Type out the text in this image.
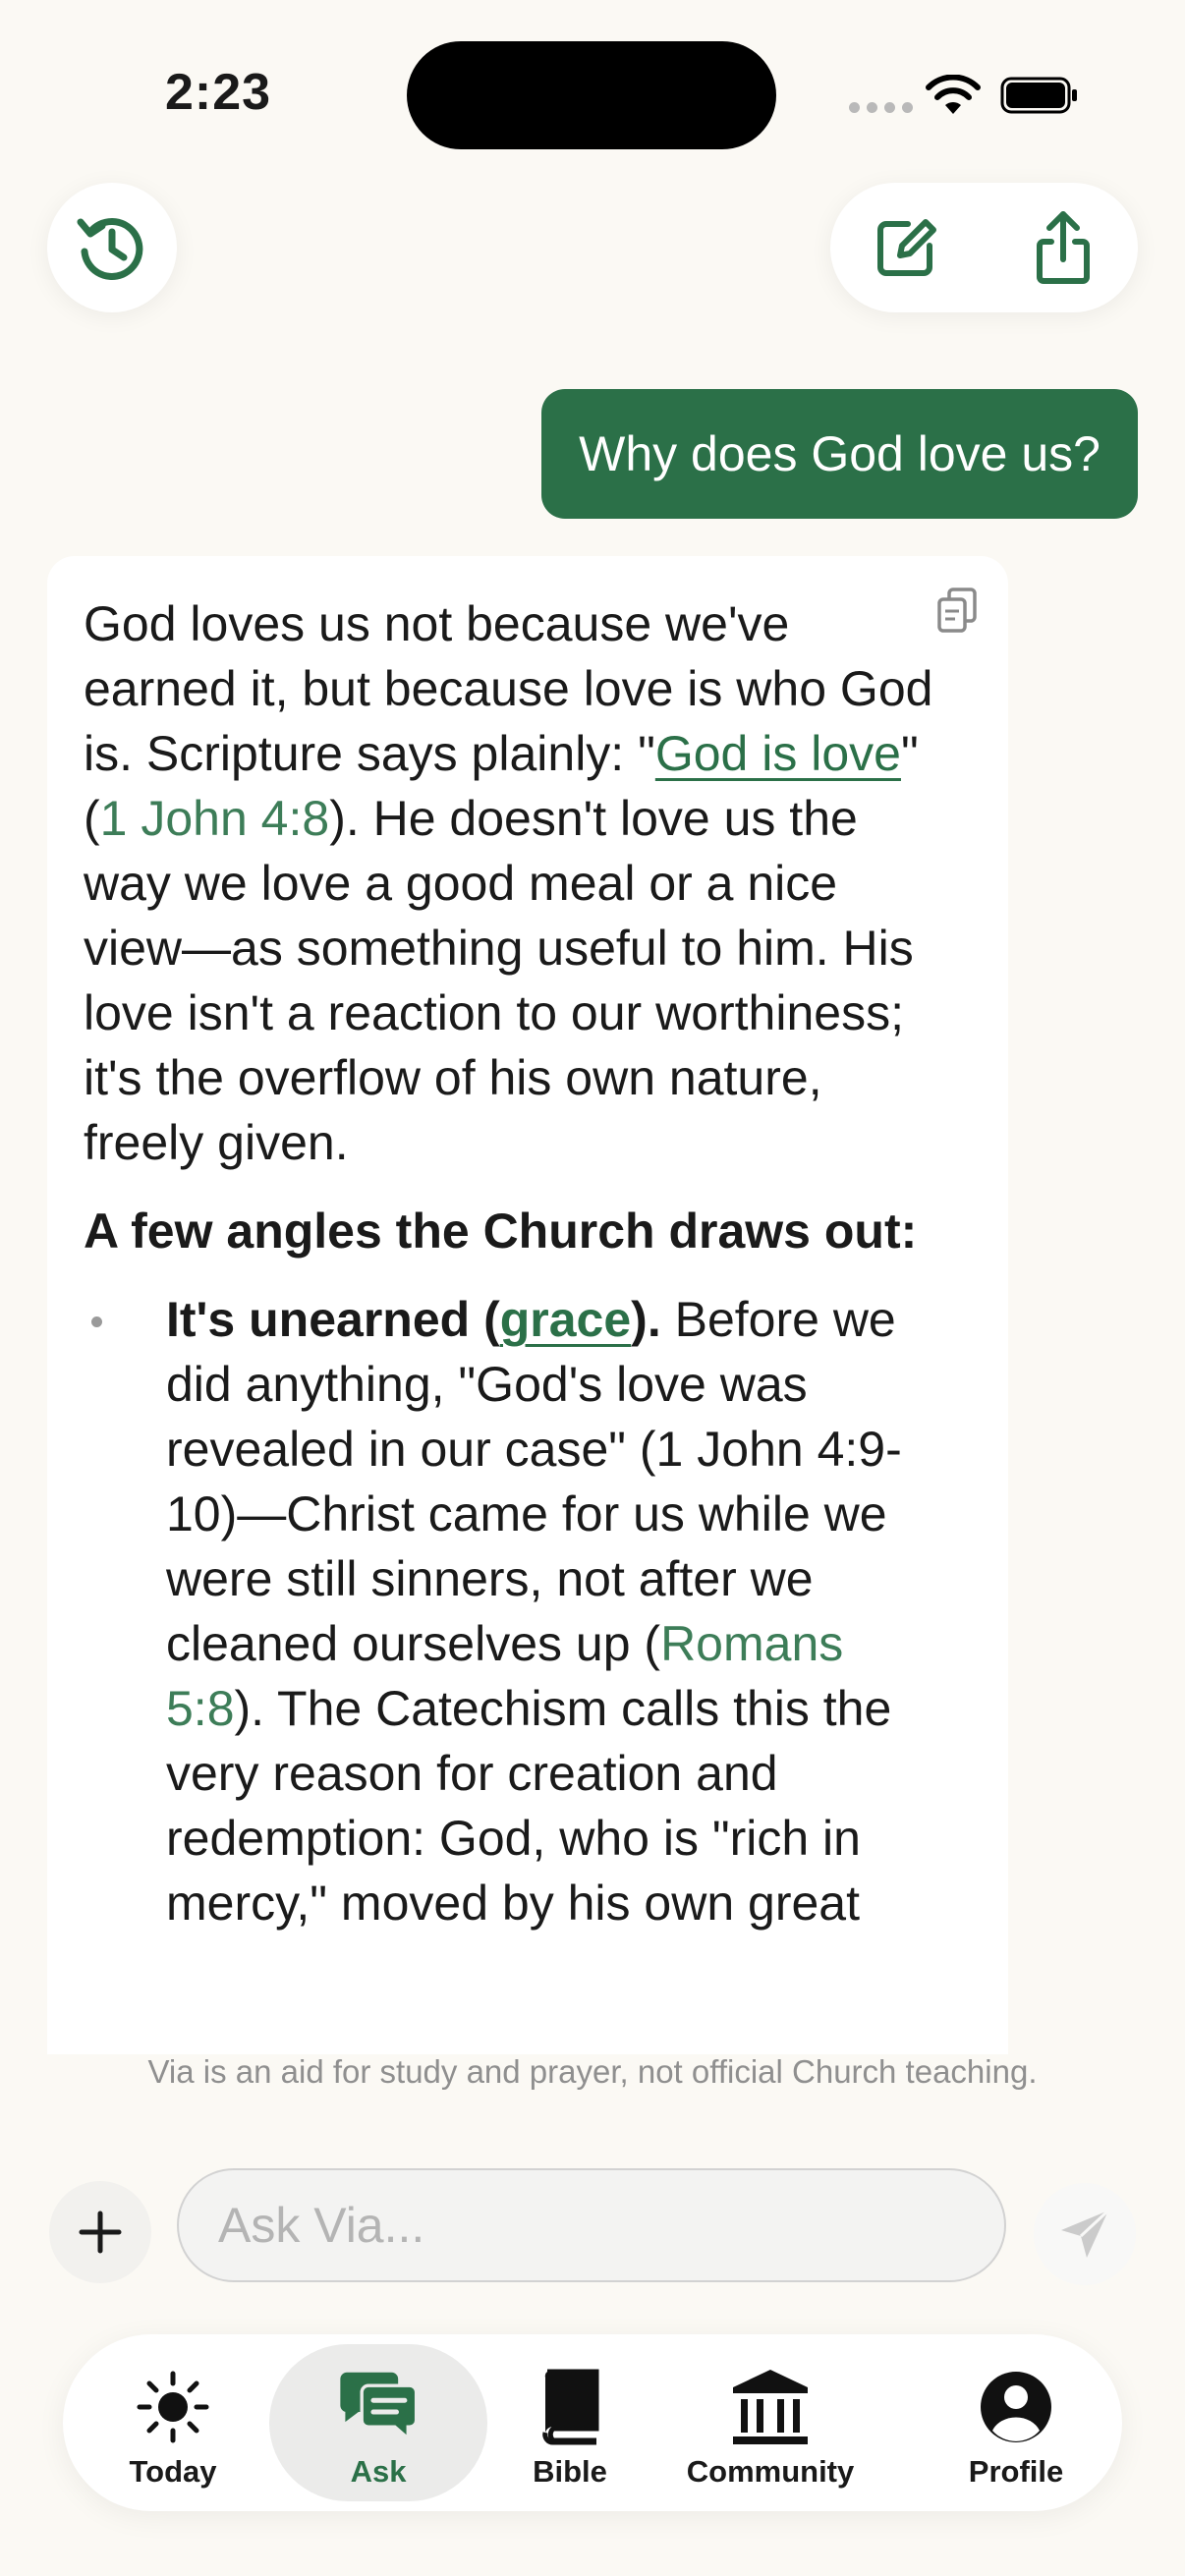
2:23
Why does God love us?

God loves us not because we've earned it, but because love is who God is. Scripture says plainly: "God is love" (1 John 4:8). He doesn't love us the way we love a good meal or a nice view—as something useful to him. His love isn't a reaction to our worthiness; it's the overflow of his own nature, freely given.

A few angles the Church draws out:

It's unearned (grace). Before we did anything, "God's love was revealed in our case" (1 John 4:9-10)—Christ came for us while we were still sinners, not after we cleaned ourselves up (Romans 5:8). The Catechism calls this the very reason for creation and redemption: God, who is "rich in mercy," moved by his own great
Via is an aid for study and prayer, not official Church teaching.
Ask Via...
Today	Ask	Bible	Community	Profile
